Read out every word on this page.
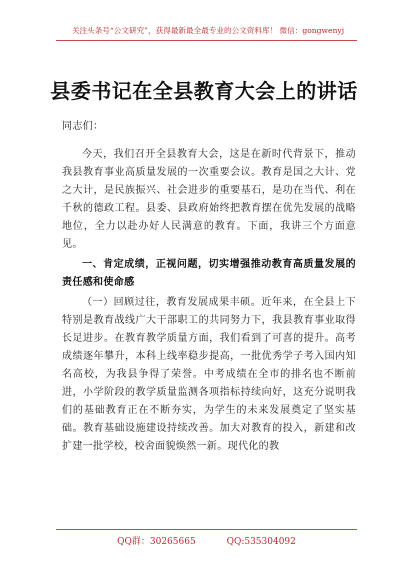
关注头条号“公文研究”，获得最新最全最专业的公文资料库！ 微信：gongwenyj
县委书记在全县教育大会上的讲话

同志们：

今天，我们召开全县教育大会，这是在新时代背景下，推动我县教育事业高质量发展的一次重要会议。教育是国之大计、党之大计，是民族振兴、社会进步的重要基石，是功在当代、利在千秋的德政工程。县委、县政府始终把教育摆在优先发展的战略地位，全力以赴办好人民满意的教育。下面，我讲三个方面意见。

一、肯定成绩，正视问题，切实增强推动教育高质量发展的责任感和使命感

（一）回顾过往，教育发展成果丰硕。近年来，在全县上下特别是教育战线广大干部职工的共同努力下，我县教育事业取得长足进步。在教育教学质量方面，我们看到了可喜的提升。高考成绩逐年攀升，本科上线率稳步提高，一批优秀学子考入国内知名高校，为我县争得了荣誉。中考成绩在全市的排名也不断前进，小学阶段的教学质量监测各项指标持续向好，这充分说明我们的基础教育正在不断夯实，为学生的未来发展奠定了坚实基础。教育基础设施建设持续改善。加大对教育的投入，新建和改扩建一批学校，校舍面貌焕然一新。现代化的教

QQ群：30265665	QQ:535304092
